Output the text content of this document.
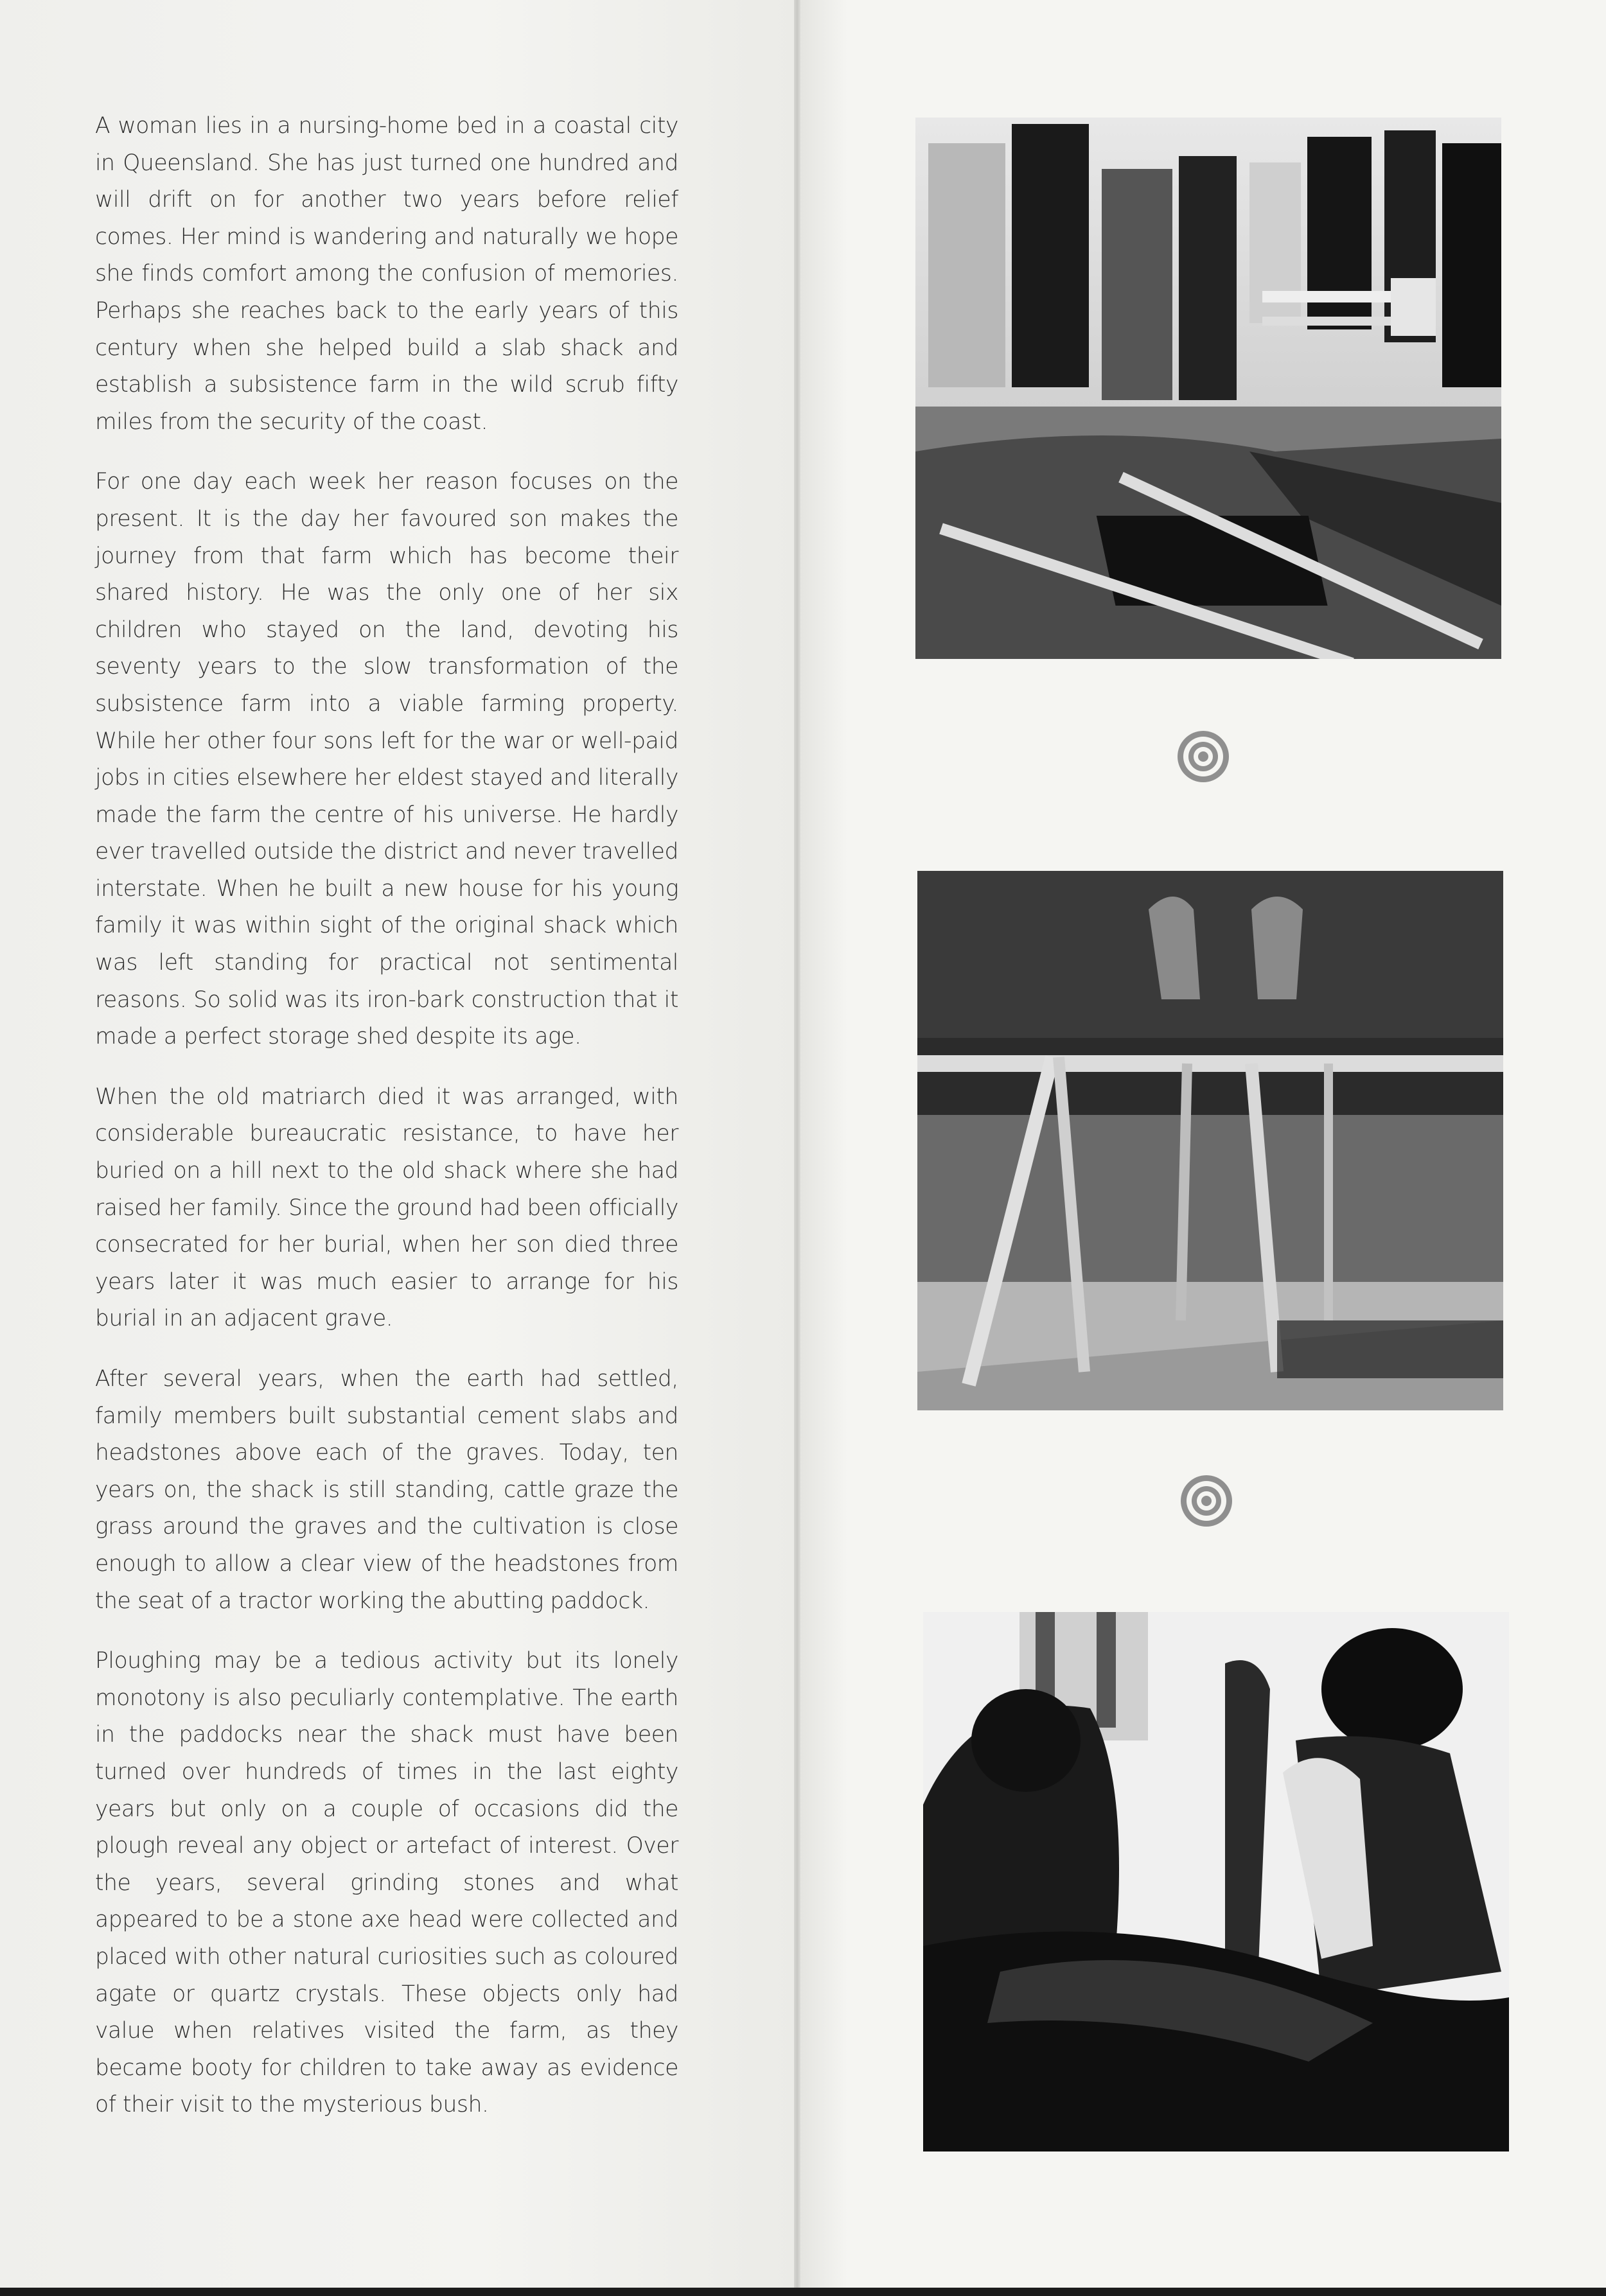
A woman lies in a nursing-home bed in a coastal city in Queensland. She has just turned one hundred and will drift on for another two years before relief comes. Her mind is wandering and naturally we hope she finds comfort among the confusion of memories. Perhaps she reaches back to the early years of this century when she helped build a slab shack and establish a subsistence farm in the wild scrub fifty miles from the security of the coast.

For one day each week her reason focuses on the present. It is the day her favoured son makes the journey from that farm which has become their shared history. He was the only one of her six children who stayed on the land, devoting his seventy years to the slow transformation of the subsistence farm into a viable farming property. While her other four sons left for the war or well-paid jobs in cities elsewhere her eldest stayed and literally made the farm the centre of his universe. He hardly ever travelled outside the district and never travelled interstate. When he built a new house for his young family it was within sight of the original shack which was left standing for practical not sentimental reasons. So solid was its iron-bark construction that it made a perfect storage shed despite its age.

When the old matriarch died it was arranged, with considerable bureaucratic resistance, to have her buried on a hill next to the old shack where she had raised her family. Since the ground had been officially consecrated for her burial, when her son died three years later it was much easier to arrange for his burial in an adjacent grave.

After several years, when the earth had settled, family members built substantial cement slabs and headstones above each of the graves. Today, ten years on, the shack is still standing, cattle graze the grass around the graves and the cultivation is close enough to allow a clear view of the headstones from the seat of a tractor working the abutting paddock.

Ploughing may be a tedious activity but its lonely monotony is also peculiarly contemplative. The earth in the paddocks near the shack must have been turned over hundreds of times in the last eighty years but only on a couple of occasions did the plough reveal any object or artefact of interest. Over the years, several grinding stones and what appeared to be a stone axe head were collected and placed with other natural curiosities such as coloured agate or quartz crystals. These objects only had value when relatives visited the farm, as they became booty for children to take away as evidence of their visit to the mysterious bush.
